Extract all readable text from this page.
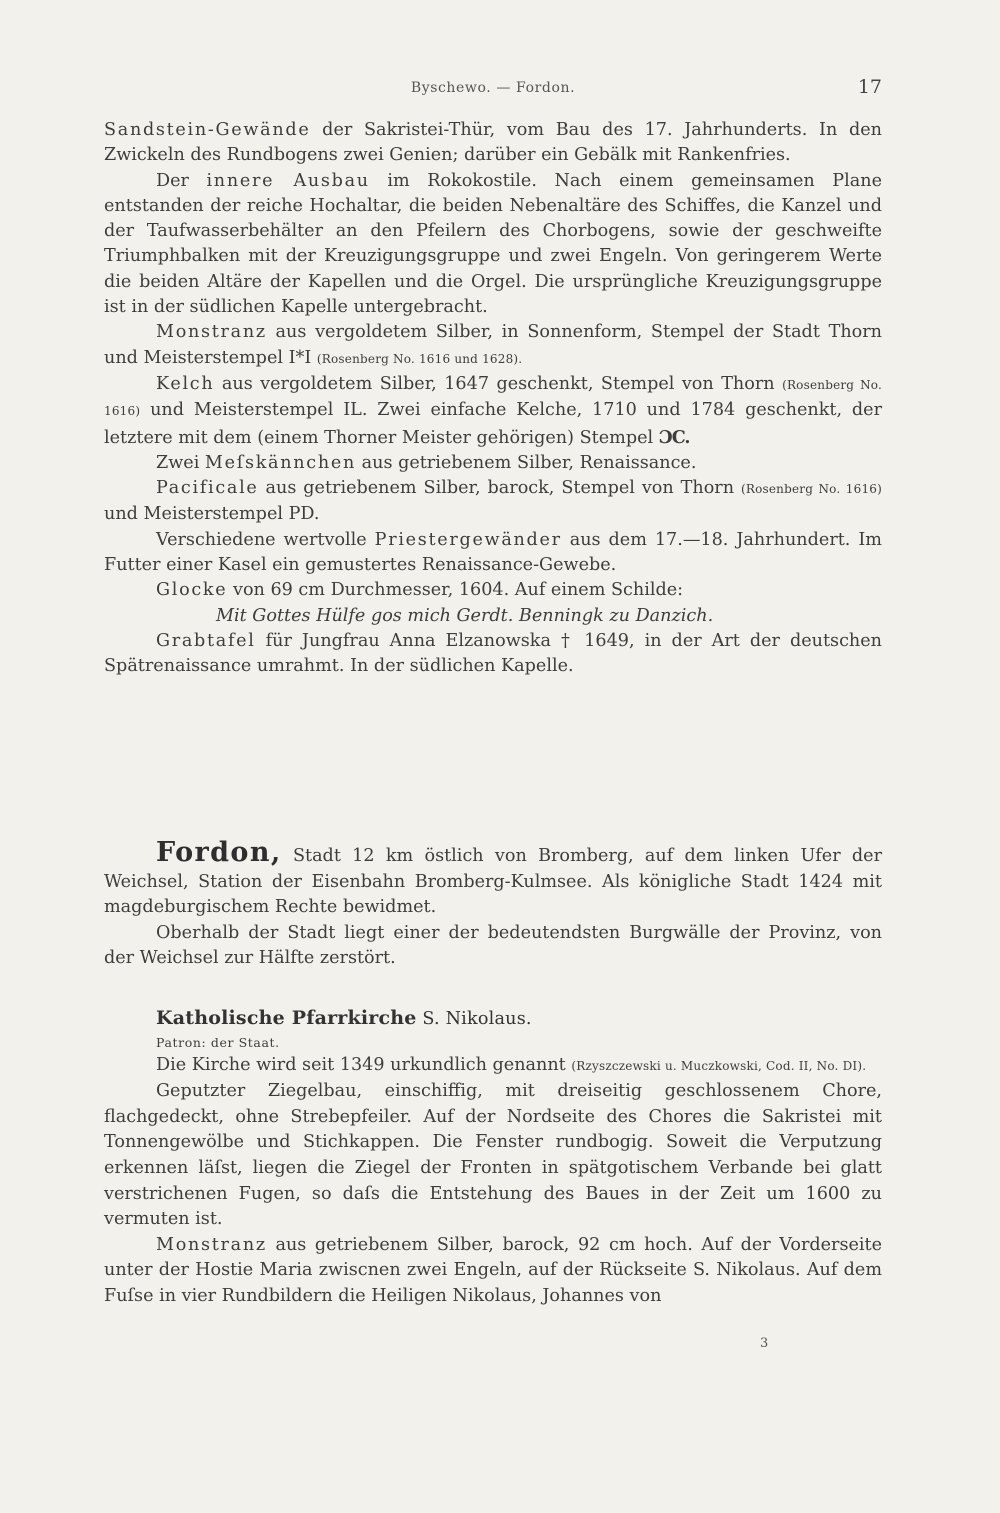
Byschewo. — Fordon.	17

Sandstein-Gewände der Sakristei-Thür, vom Bau des 17. Jahrhunderts. In den Zwickeln des Rundbogens zwei Genien; darüber ein Gebälk mit Rankenfries.

Der innere Ausbau im Rokokostile. Nach einem gemeinsamen Plane entstanden der reiche Hochaltar, die beiden Nebenaltäre des Schiffes, die Kanzel und der Taufwasserbehälter an den Pfeilern des Chorbogens, sowie der geschweifte Triumphbalken mit der Kreuzigungsgruppe und zwei Engeln. Von geringerem Werte die beiden Altäre der Kapellen und die Orgel. Die ursprüngliche Kreuzigungsgruppe ist in der südlichen Kapelle untergebracht.

Monstranz aus vergoldetem Silber, in Sonnenform, Stempel der Stadt Thorn und Meisterstempel I*I (Rosenberg No. 1616 und 1628).

Kelch aus vergoldetem Silber, 1647 geschenkt, Stempel von Thorn (Rosenberg No. 1616) und Meisterstempel IL. Zwei einfache Kelche, 1710 und 1784 geschenkt, der letztere mit dem (einem Thorner Meister gehörigen) Stempel ƆC.

Zwei Meſskännchen aus getriebenem Silber, Renaissance.

Pacificale aus getriebenem Silber, barock, Stempel von Thorn (Rosenberg No. 1616) und Meisterstempel PD.

Verschiedene wertvolle Priestergewänder aus dem 17.—18. Jahrhundert. Im Futter einer Kasel ein gemustertes Renaissance-Gewebe.

Glocke von 69 cm Durchmesser, 1604. Auf einem Schilde:

Mit Gottes Hülfe gos mich Gerdt. Benningk zu Danzich.

Grabtafel für Jungfrau Anna Elzanowska † 1649, in der Art der deutschen Spätrenaissance umrahmt. In der südlichen Kapelle.

Fordon, Stadt 12 km östlich von Bromberg, auf dem linken Ufer der Weichsel, Station der Eisenbahn Bromberg-Kulmsee. Als königliche Stadt 1424 mit magdeburgischem Rechte bewidmet.

Oberhalb der Stadt liegt einer der bedeutendsten Burgwälle der Provinz, von der Weichsel zur Hälfte zerstört.

Katholische Pfarrkirche S. Nikolaus.

Patron: der Staat.

Die Kirche wird seit 1349 urkundlich genannt (Rzyszczewski u. Muczkowski, Cod. II, No. DI).

Geputzter Ziegelbau, einschiffig, mit dreiseitig geschlossenem Chore, flachgedeckt, ohne Strebepfeiler. Auf der Nordseite des Chores die Sakristei mit Tonnengewölbe und Stichkappen. Die Fenster rundbogig. Soweit die Verputzung erkennen läſst, liegen die Ziegel der Fronten in spätgotischem Verbande bei glatt verstrichenen Fugen, so daſs die Entstehung des Baues in der Zeit um 1600 zu vermuten ist.

Monstranz aus getriebenem Silber, barock, 92 cm hoch. Auf der Vorderseite unter der Hostie Maria zwiscnen zwei Engeln, auf der Rückseite S. Nikolaus. Auf dem Fuſse in vier Rundbildern die Heiligen Nikolaus, Johannes von

3
